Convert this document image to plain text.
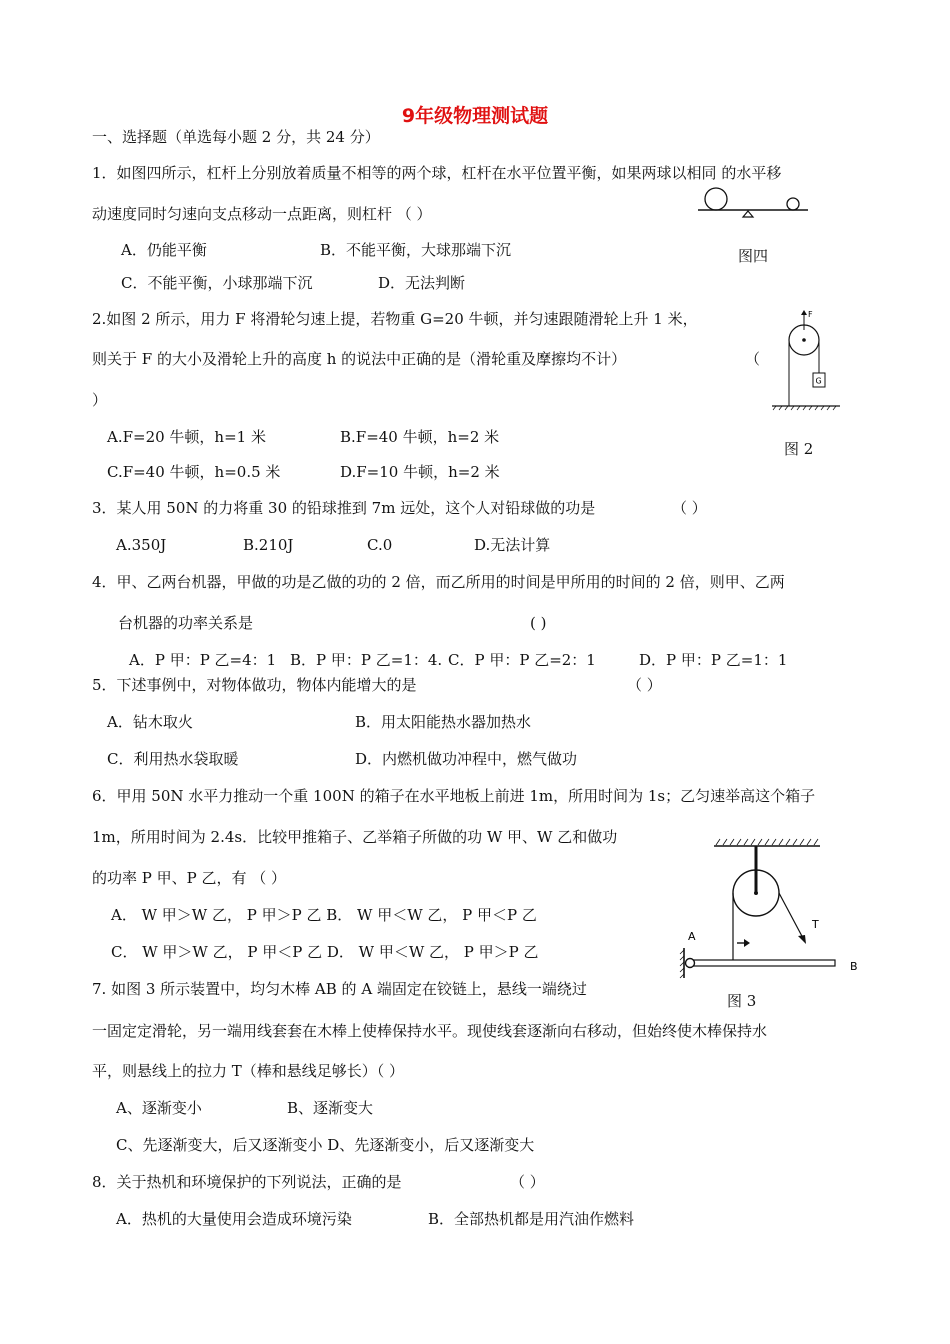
9年级物理测试题
一、选择题（单选每小题 2 分，共 24 分）
1．如图四所示，杠杆上分别放着质量不相等的两个球，杠杆在水平位置平衡，如果两球以相同 的水平移
动速度同时匀速向支点移动一点距离，则杠杆 （ ）
A．仍能平衡	B．不能平衡，大球那端下沉
C．不能平衡，小球那端下沉	D．无法判断
图四
2.如图 2 所示，用力 F 将滑轮匀速上提，若物重 G=20 牛顿，并匀速跟随滑轮上升 1 米，
则关于 F 的大小及滑轮上升的高度 h 的说法中正确的是（滑轮重及摩擦均不计）	（
）
A.F=20 牛顿，h=1 米	B.F=40 牛顿，h=2 米
C.F=40 牛顿，h=0.5 米	D.F=10 牛顿，h=2 米
F
G
图 2
3．某人用 50N 的力将重 30 的铅球推到 7m 远处，这个人对铅球做的功是	（ ）
A.350J	B.210J	C.0	D.无法计算
4．甲、乙两台机器，甲做的功是乙做的功的 2 倍，而乙所用的时间是甲所用的时间的 2 倍，则甲、乙两
台机器的功率关系是	( )
A．P 甲：P 乙=4：1 B．P 甲：P 乙=1：4. C．P 甲：P 乙=2：1	D．P 甲：P 乙=1：1
5．下述事例中，对物体做功，物体内能增大的是	（ ）
A．钻木取火	B．用太阳能热水器加热水
C．利用热水袋取暖	D．内燃机做功冲程中，燃气做功
6．甲用 50N 水平力推动一个重 100N 的箱子在水平地板上前进 1m，所用时间为 1s；乙匀速举高这个箱子
1m，所用时间为 2.4s．比较甲推箱子、乙举箱子所做的功 W 甲、W 乙和做功
的功率 P 甲、P 乙，有 （ ）
A． W 甲＞W 乙， P 甲＞P 乙 B． W 甲＜W 乙， P 甲＜P 乙
C． W 甲＞W 乙， P 甲＜P 乙 D． W 甲＜W 乙， P 甲＞P 乙
T
A
B
图 3
7. 如图 3 所示装置中，均匀木棒 AB 的 A 端固定在铰链上，悬线一端绕过
一固定定滑轮，另一端用线套套在木棒上使棒保持水平。现使线套逐渐向右移动，但始终使木棒保持水
平，则悬线上的拉力 T（棒和悬线足够长）（ ）
A、逐渐变小	B、逐渐变大
C、先逐渐变大，后又逐渐变小 D、先逐渐变小，后又逐渐变大
8．关于热机和环境保护的下列说法，正确的是	（ ）
A．热机的大量使用会造成环境污染	B．全部热机都是用汽油作燃料
